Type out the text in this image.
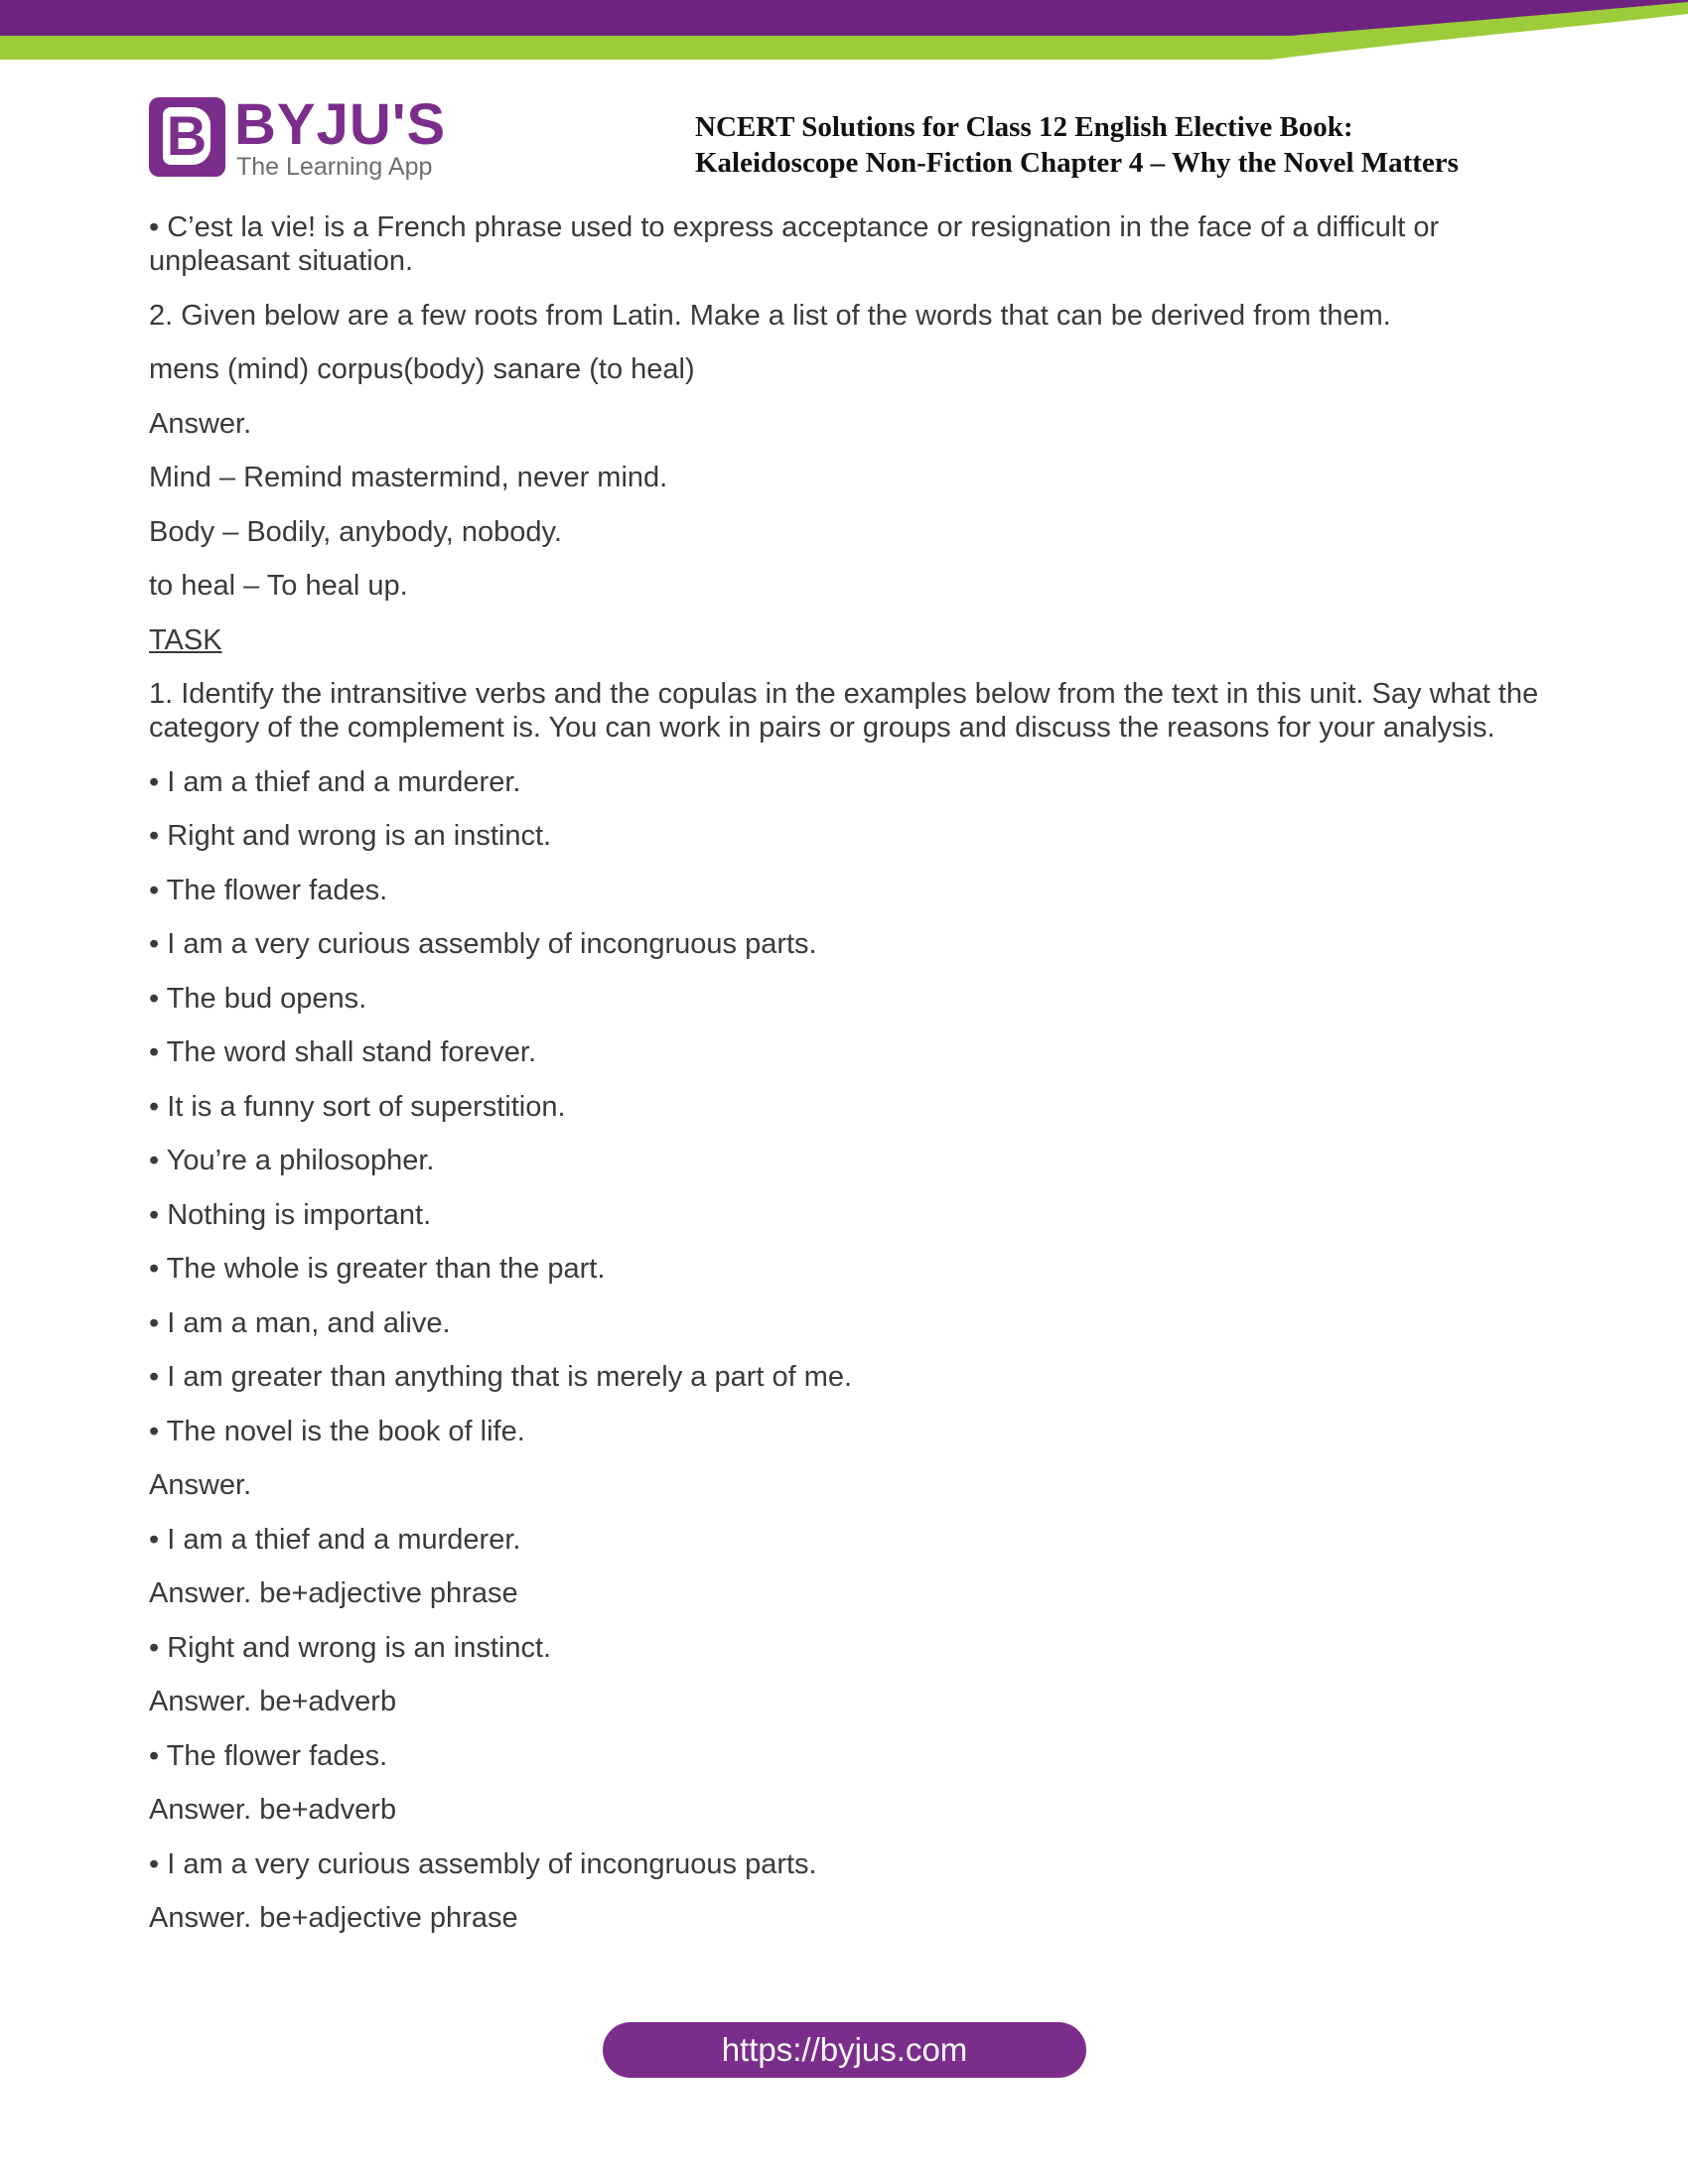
B BYJU'S
The Learning App
NCERT Solutions for Class 12 English Elective Book:
Kaleidoscope Non-Fiction Chapter 4 – Why the Novel Matters
• C’est la vie! is a French phrase used to express acceptance or resignation in the face of a difficult or unpleasant situation.
2. Given below are a few roots from Latin. Make a list of the words that can be derived from them.
mens (mind) corpus(body) sanare (to heal)
Answer.
Mind – Remind mastermind, never mind.
Body – Bodily, anybody, nobody.
to heal – To heal up.
TASK
1. Identify the intransitive verbs and the copulas in the examples below from the text in this unit. Say what the category of the complement is. You can work in pairs or groups and discuss the reasons for your analysis.
• I am a thief and a murderer.
• Right and wrong is an instinct.
• The flower fades.
• I am a very curious assembly of incongruous parts.
• The bud opens.
• The word shall stand forever.
• It is a funny sort of superstition.
• You’re a philosopher.
• Nothing is important.
• The whole is greater than the part.
• I am a man, and alive.
• I am greater than anything that is merely a part of me.
• The novel is the book of life.
Answer.
• I am a thief and a murderer.
Answer. be+adjective phrase
• Right and wrong is an instinct.
Answer. be+adverb
• The flower fades.
Answer. be+adverb
• I am a very curious assembly of incongruous parts.
Answer. be+adjective phrase
https://byjus.com
